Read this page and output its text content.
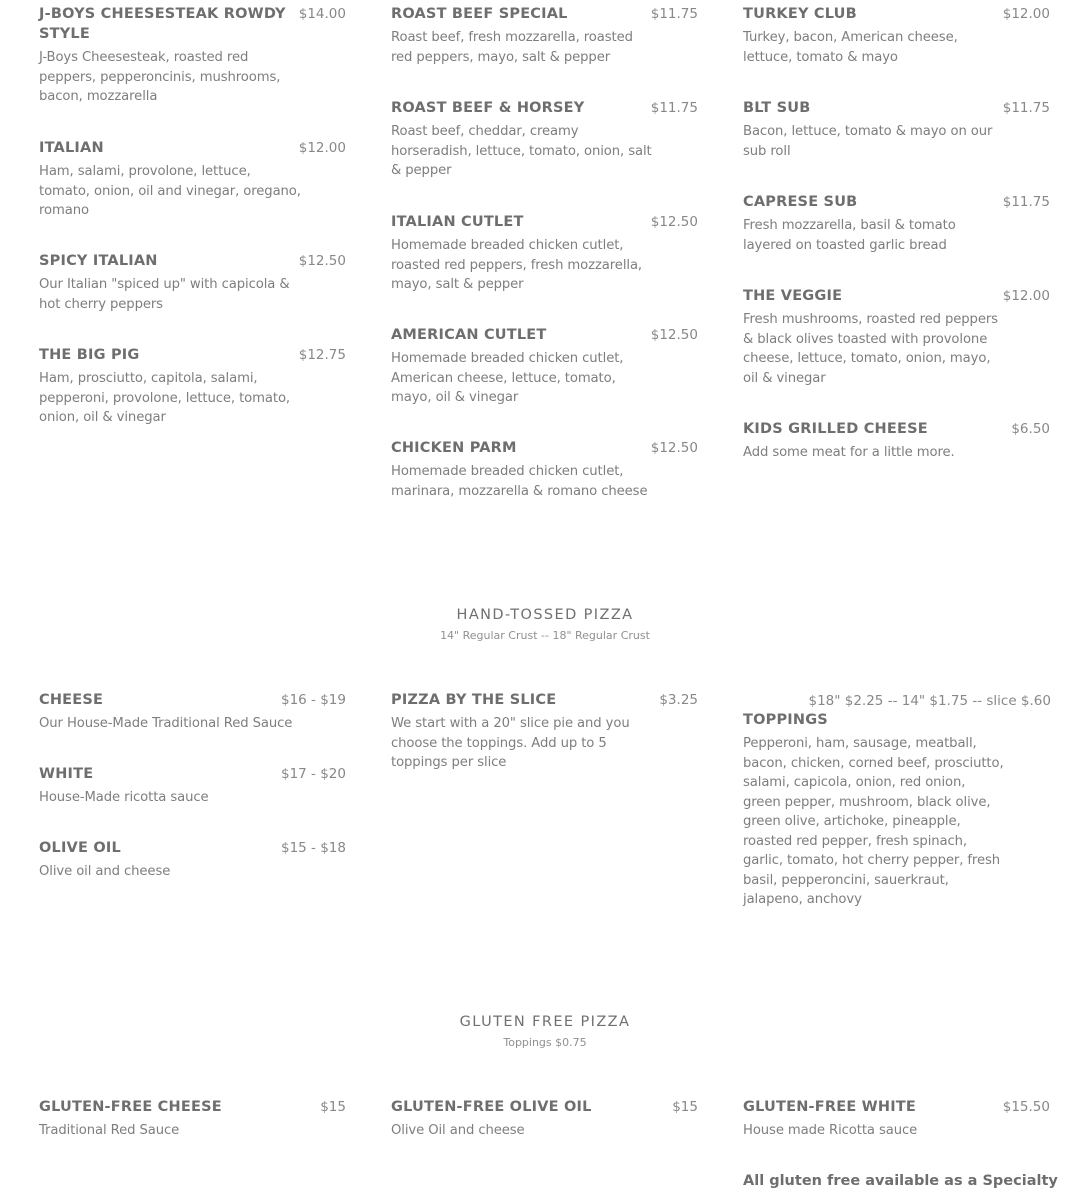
J-BOYS CHEESESTEAK ROWDY STYLE
$14.00
J-Boys Cheesesteak, roasted red peppers, pepperoncinis, mushrooms, bacon, mozzarella
ITALIAN	$12.00
Ham, salami, provolone, lettuce, tomato, onion, oil and vinegar, oregano, romano
SPICY ITALIAN	$12.50
Our Italian "spiced up" with capicola & hot cherry peppers
THE BIG PIG	$12.75
Ham, prosciutto, capitola, salami, pepperoni, provolone, lettuce, tomato, onion, oil & vinegar
ROAST BEEF SPECIAL	$11.75
Roast beef, fresh mozzarella, roasted red peppers, mayo, salt & pepper
ROAST BEEF & HORSEY	$11.75
Roast beef, cheddar, creamy horseradish, lettuce, tomato, onion, salt & pepper
ITALIAN CUTLET	$12.50
Homemade breaded chicken cutlet, roasted red peppers, fresh mozzarella, mayo, salt & pepper
AMERICAN CUTLET	$12.50
Homemade breaded chicken cutlet, American cheese, lettuce, tomato, mayo, oil & vinegar
CHICKEN PARM	$12.50
Homemade breaded chicken cutlet, marinara, mozzarella & romano cheese
TURKEY CLUB	$12.00
Turkey, bacon, American cheese, lettuce, tomato & mayo
BLT SUB	$11.75
Bacon, lettuce, tomato & mayo on our sub roll
CAPRESE SUB	$11.75
Fresh mozzarella, basil & tomato layered on toasted garlic bread
THE VEGGIE	$12.00
Fresh mushrooms, roasted red peppers & black olives toasted with provolone cheese, lettuce, tomato, onion, mayo, oil & vinegar
KIDS GRILLED CHEESE	$6.50
Add some meat for a little more.
HAND-TOSSED PIZZA
14" Regular Crust -- 18" Regular Crust
CHEESE	$16 - $19
Our House-Made Traditional Red Sauce
WHITE	$17 - $20
House-Made ricotta sauce
OLIVE OIL	$15 - $18
Olive oil and cheese
PIZZA BY THE SLICE	$3.25
We start with a 20" slice pie and you choose the toppings. Add up to 5 toppings per slice
$18" $2.25 -- 14" $1.75 -- slice $.60
TOPPINGS
Pepperoni, ham, sausage, meatball, bacon, chicken, corned beef, prosciutto, salami, capicola, onion, red onion, green pepper, mushroom, black olive, green olive, artichoke, pineapple, roasted red pepper, fresh spinach, garlic, tomato, hot cherry pepper, fresh basil, pepperoncini, sauerkraut, jalapeno, anchovy
GLUTEN FREE PIZZA
Toppings $0.75
GLUTEN-FREE CHEESE	$15
Traditional Red Sauce
GLUTEN-FREE OLIVE OIL	$15
Olive Oil and cheese
GLUTEN-FREE WHITE	$15.50
House made Ricotta sauce
All gluten free available as a Specialty
